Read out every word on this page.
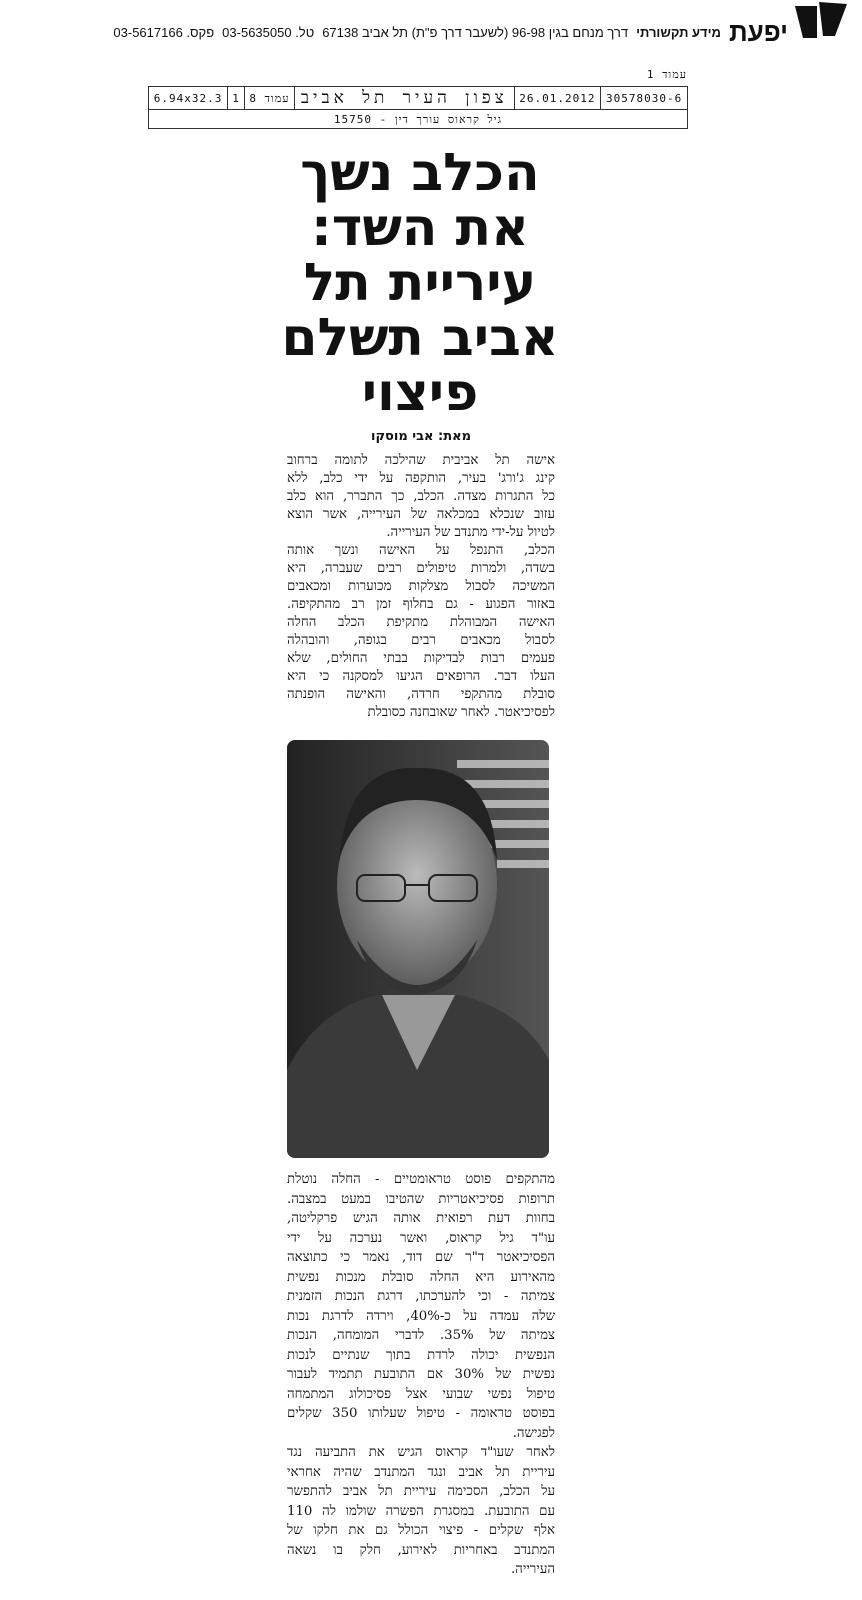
יפעת
מידע תקשורתי
דרך מנחם בגין 96-98 (לשעבר דרך פ"ת) תל אביב 67138
טל. 03-5635050
פקס. 03-5617166
עמוד 1
30578030-6	26.01.2012	צפון העיר תל אביב	עמוד 8	1	6.94x32.3
גיל קראוס עורך דין - 15750
הכלב נשך
את השד:
עיריית תל
אביב תשלם
פיצוי
מאת: אבי מוסקו
אישה תל אביבית שהילכה לתומה ברחוב
קינג ג'ורג' בעיר, הותקפה על ידי כלב, ללא
כל התגרות מצדה. הכלב, כך התברר, הוא כלב
עזוב שנכלא במכלאה של העירייה, אשר הוצא
לטיול על-ידי מתנדב של העירייה.
הכלב, התנפל על האישה ונשך אותה
בשדה, ולמרות טיפולים רבים שעברה, היא
המשיכה לסבול מצלקות מכוערות ומכאבים
באזור הפגוע - גם בחלוף זמן רב מהתקיפה.
האישה המבוהלת מתקיפת הכלב החלה
לסבול מכאבים רבים בגופה, והובהלה
פעמים רבות לבדיקות בבתי החולים, שלא
העלו דבר. הרופאים הגיעו למסקנה כי היא
סובלת מהתקפי חרדה, והאישה הופנתה
לפסיכיאטר. לאחר שאובחנה כסובלת
מהתקפים פוסט טראומטיים - החלה נוטלת
תרופות פסיכיאטריות שהטיבו במעט במצבה.
בחוות דעת רפואית אותה הגיש פרקליטה,
עו"ד גיל קראוס, ואשר נערכה על ידי
הפסיכיאטר ד"ר שם דוד, נאמר כי כתוצאה
מהאירוע היא החלה סובלת מנכות נפשית
צמיתה - וכי להערכתו, דרגת הנכות הזמנית
שלה עמדה על כ-40%, וירדה לדרגת נכות
צמיתה של 35%. לדברי המומחה, הנכות
הנפשית יכולה לרדת בתוך שנתיים לנכות
נפשית של 30% אם התובעת תתמיד לעבור
טיפול נפשי שבועי אצל פסיכולוג המתמחה
בפוסט טראומה - טיפול שעלותו 350 שקלים
לפגישה.
לאחר שעו"ד קראוס הגיש את התביעה נגד
עיריית תל אביב ונגד המתנדב שהיה אחראי
על הכלב, הסכימה עיריית תל אביב להתפשר
עם התובעת. במסגרת הפשרה שולמו לה 110
אלף שקלים - פיצוי הכולל גם את חלקו של
המתנדב באחריות לאירוע, חלק בו נשאה
העירייה.
